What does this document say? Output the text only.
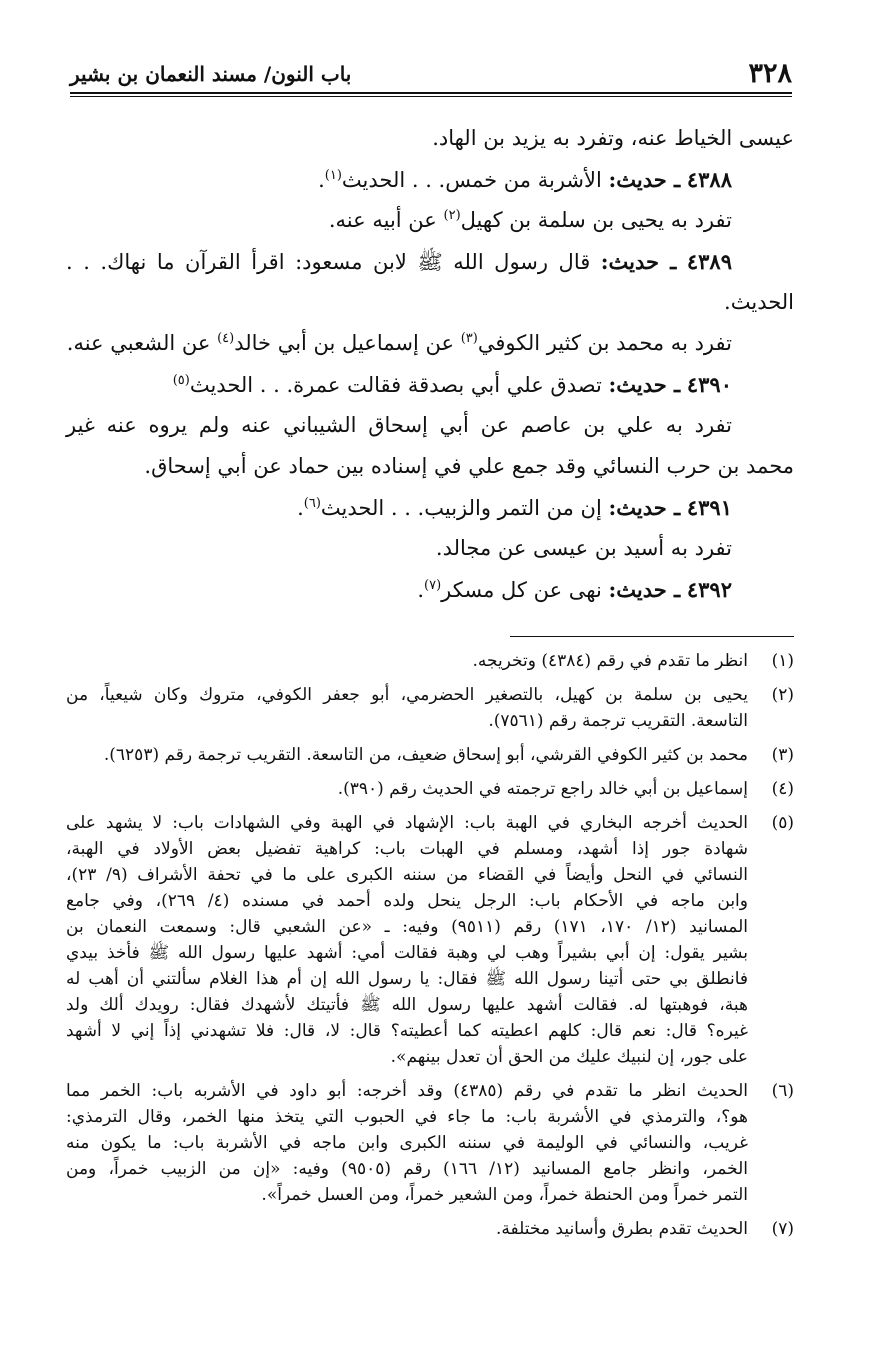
٣٢٨
باب النون/ مسند النعمان بن بشير
عيسى الخياط عنه، وتفرد به يزيد بن الهاد.
٤٣٨٨ ـ حديث: الأشربة من خمس. . . الحديث$^{(١)}$.
تفرد به يحيى بن سلمة بن كهيل$^{(٢)}$ عن أبيه عنه.
٤٣٨٩ ـ حديث: قال رسول الله ﷺ لابن مسعود: اقرأ القرآن ما نهاك. . .
الحديث.
تفرد به محمد بن كثير الكوفي$^{(٣)}$ عن إسماعيل بن أبي خالد$^{(٤)}$ عن الشعبي عنه.
٤٣٩٠ ـ حديث: تصدق علي أبي بصدقة فقالت عمرة. . . الحديث$^{(٥)}$
تفرد به علي بن عاصم عن أبي إسحاق الشيباني عنه ولم يروه عنه غير
محمد بن حرب النسائي وقد جمع علي في إسناده بين حماد عن أبي إسحاق.
٤٣٩١ ـ حديث: إن من التمر والزبيب. . . الحديث$^{(٦)}$.
تفرد به أسيد بن عيسى عن مجالد.
٤٣٩٢ ـ حديث: نهى عن كل مسكر$^{(٧)}$.
(١)
انظر ما تقدم في رقم (٤٣٨٤) وتخريجه.
(٢)
يحيى بن سلمة بن كهيل، بالتصغير الحضرمي، أبو جعفر الكوفي، متروك وكان شيعياً، من
التاسعة. التقريب ترجمة رقم (٧٥٦١).
(٣)
محمد بن كثير الكوفي القرشي، أبو إسحاق ضعيف، من التاسعة. التقريب ترجمة رقم (٦٢٥٣).
(٤)
إسماعيل بن أبي خالد راجع ترجمته في الحديث رقم (٣٩٠).
(٥)
الحديث أخرجه البخاري في الهبة باب: الإشهاد في الهبة وفي الشهادات باب: لا يشهد على
شهادة جور إذا أشهد، ومسلم في الهبات باب: كراهية تفضيل بعض الأولاد في الهبة،
النسائي في النحل وأيضاً في القضاء من سننه الكبرى على ما في تحفة الأشراف (٩/ ٢٣)،
وابن ماجه في الأحكام باب: الرجل ينحل ولده أحمد في مسنده (٤/ ٢٦٩)، وفي جامع
المسانيد (١٢/ ١٧٠، ١٧١) رقم (٩٥١١) وفيه: ـ «عن الشعبي قال: وسمعت النعمان بن
بشير يقول: إن أبي بشيراً وهب لي وهبة فقالت أمي: أشهد عليها رسول الله ﷺ فأخذ بيدي
فانطلق بي حتى أتينا رسول الله ﷺ فقال: يا رسول الله إن أم هذا الغلام سألتني أن أهب له
هبة، فوهبتها له. فقالت أشهد عليها رسول الله ﷺ فأتيتك لأشهدك فقال: رويدك ألك ولد
غيره؟ قال: نعم قال: كلهم اعطيته كما أعطيته؟ قال: لا، قال: فلا تشهدني إذاً إني لا أشهد
على جور، إن لنبيك عليك من الحق أن تعدل بينهم».
(٦)
الحديث انظر ما تقدم في رقم (٤٣٨٥) وقد أخرجه: أبو داود في الأشربه باب: الخمر مما
هو؟، والترمذي في الأشربة باب: ما جاء في الحبوب التي يتخذ منها الخمر، وقال الترمذي:
غريب، والنسائي في الوليمة في سننه الكبرى وابن ماجه في الأشربة باب: ما يكون منه
الخمر، وانظر جامع المسانيد (١٢/ ١٦٦) رقم (٩٥٠٥) وفيه: «إن من الزبيب خمراً، ومن
التمر خمراً ومن الحنطة خمراً، ومن الشعير خمراً، ومن العسل خمراً».
(٧)
الحديث تقدم بطرق وأسانيد مختلفة.
